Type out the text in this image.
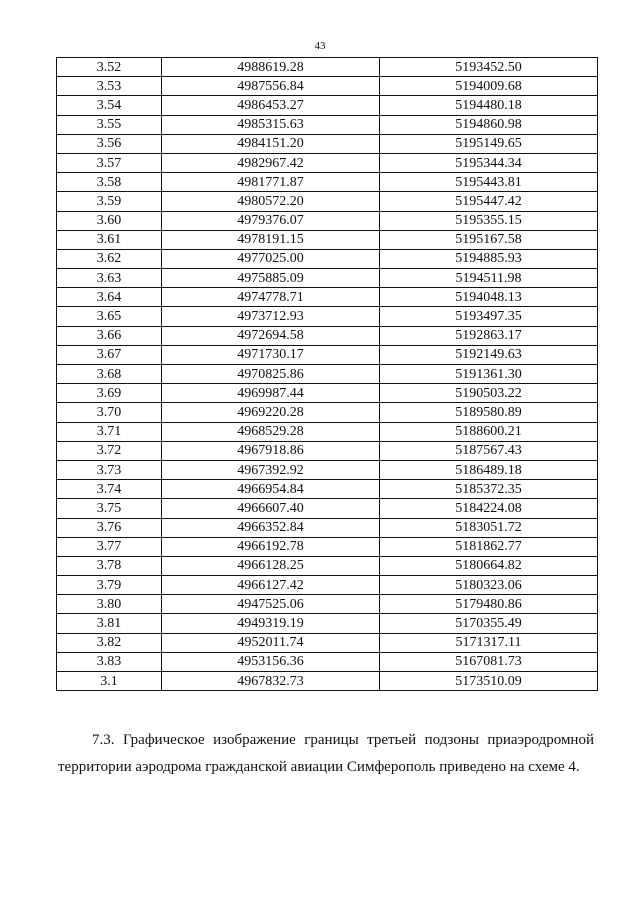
43
3.52	4988619.28	5193452.50
3.53	4987556.84	5194009.68
3.54	4986453.27	5194480.18
3.55	4985315.63	5194860.98
3.56	4984151.20	5195149.65
3.57	4982967.42	5195344.34
3.58	4981771.87	5195443.81
3.59	4980572.20	5195447.42
3.60	4979376.07	5195355.15
3.61	4978191.15	5195167.58
3.62	4977025.00	5194885.93
3.63	4975885.09	5194511.98
3.64	4974778.71	5194048.13
3.65	4973712.93	5193497.35
3.66	4972694.58	5192863.17
3.67	4971730.17	5192149.63
3.68	4970825.86	5191361.30
3.69	4969987.44	5190503.22
3.70	4969220.28	5189580.89
3.71	4968529.28	5188600.21
3.72	4967918.86	5187567.43
3.73	4967392.92	5186489.18
3.74	4966954.84	5185372.35
3.75	4966607.40	5184224.08
3.76	4966352.84	5183051.72
3.77	4966192.78	5181862.77
3.78	4966128.25	5180664.82
3.79	4966127.42	5180323.06
3.80	4947525.06	5179480.86
3.81	4949319.19	5170355.49
3.82	4952011.74	5171317.11
3.83	4953156.36	5167081.73
3.1	4967832.73	5173510.09
7.3. Графическое изображение границы третьей подзоны приаэродромной
территории аэродрома гражданской авиации Симферополь приведено на схеме 4.
